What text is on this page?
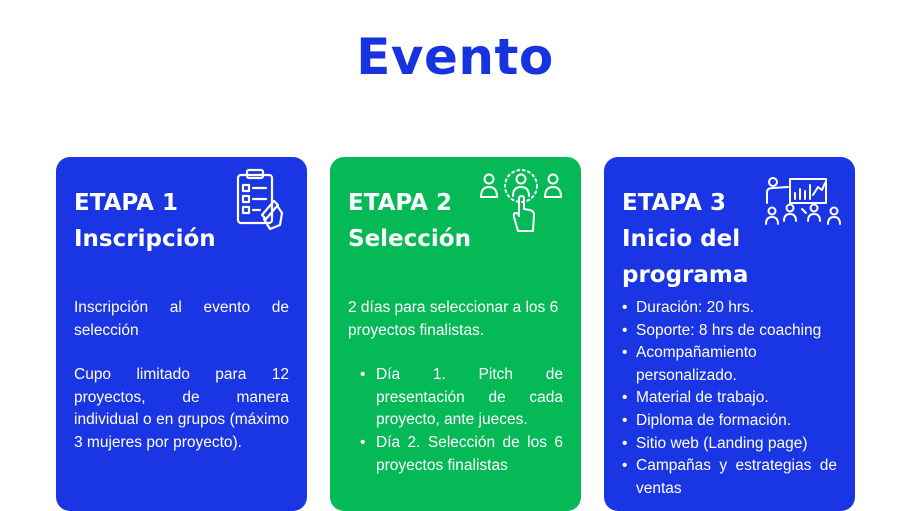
Evento
ETAPA 1
Inscripción
Inscripción al evento de selección
Cupo limitado para 12 proyectos, de manera individual o en grupos (máximo 3 mujeres por proyecto).
ETAPA 2
Selección
2 días para seleccionar a los 6 proyectos finalistas.
• Día 1. Pitch de presentación de cada proyecto, ante jueces.
• Día 2. Selección de los 6 proyectos finalistas
ETAPA 3
Inicio del
programa
• Duración: 20 hrs.
• Soporte: 8 hrs de coaching
• Acompañamiento personalizado.
• Material de trabajo.
• Diploma de formación.
• Sitio web (Landing page)
• Campañas y estrategias de ventas
